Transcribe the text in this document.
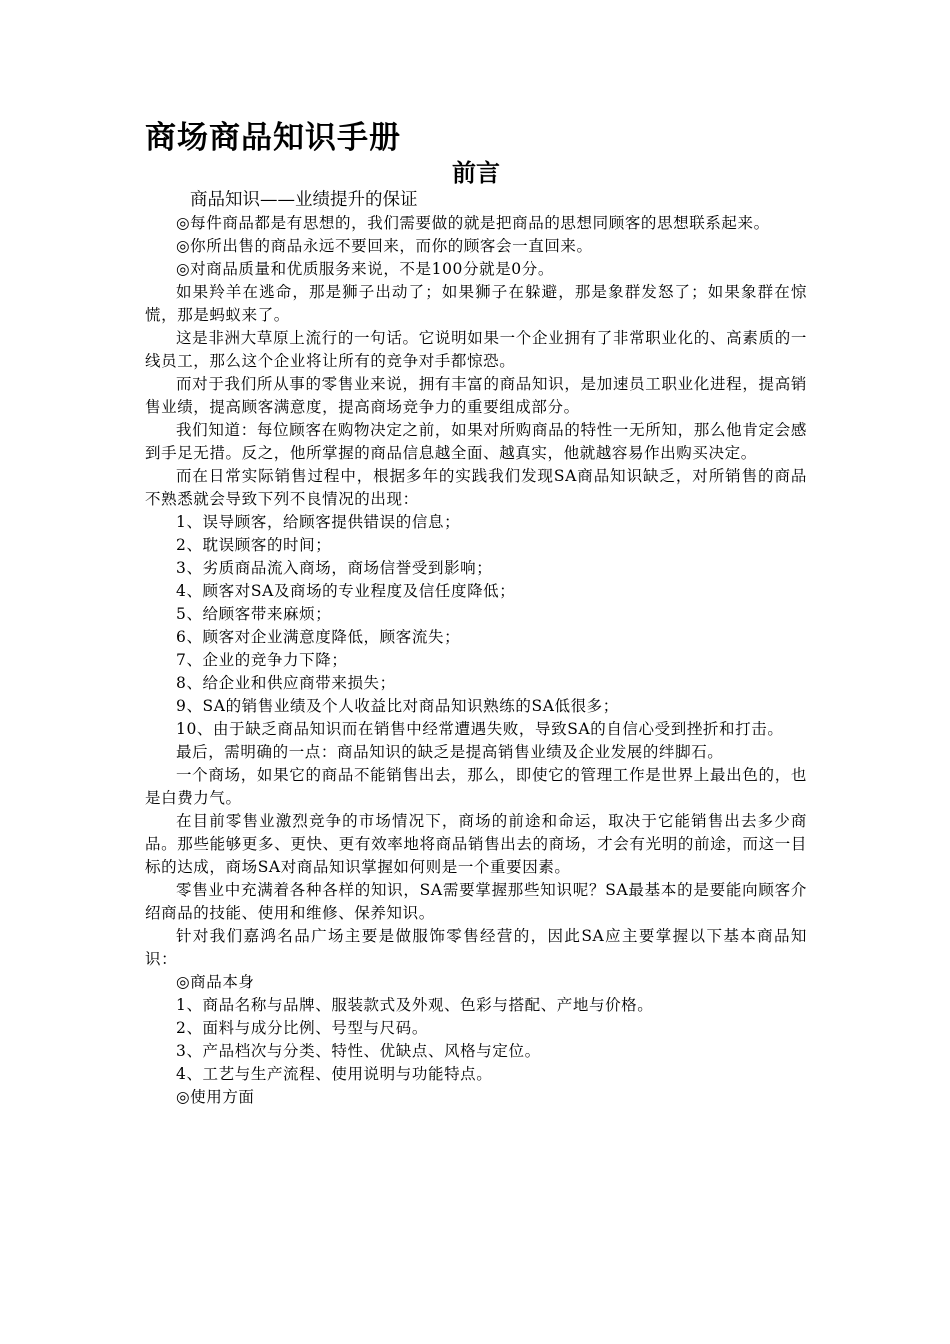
商场商品知识手册
前言

商品知识——业绩提升的保证

◎每件商品都是有思想的，我们需要做的就是把商品的思想同顾客的思想联系起来。

◎你所出售的商品永远不要回来，而你的顾客会一直回来。

◎对商品质量和优质服务来说，不是100分就是0分。

如果羚羊在逃命，那是狮子出动了；如果狮子在躲避，那是象群发怒了；如果象群在惊慌，那是蚂蚁来了。

这是非洲大草原上流行的一句话。它说明如果一个企业拥有了非常职业化的、高素质的一线员工，那么这个企业将让所有的竞争对手都惊恐。

而对于我们所从事的零售业来说，拥有丰富的商品知识，是加速员工职业化进程，提高销售业绩，提高顾客满意度，提高商场竞争力的重要组成部分。

我们知道：每位顾客在购物决定之前，如果对所购商品的特性一无所知，那么他肯定会感到手足无措。反之，他所掌握的商品信息越全面、越真实，他就越容易作出购买决定。

而在日常实际销售过程中，根据多年的实践我们发现SA商品知识缺乏，对所销售的商品不熟悉就会导致下列不良情况的出现：

1、误导顾客，给顾客提供错误的信息；

2、耽误顾客的时间；

3、劣质商品流入商场，商场信誉受到影响；

4、顾客对SA及商场的专业程度及信任度降低；

5、给顾客带来麻烦；

6、顾客对企业满意度降低，顾客流失；

7、企业的竞争力下降；

8、给企业和供应商带来损失；

9、SA的销售业绩及个人收益比对商品知识熟练的SA低很多；

10、由于缺乏商品知识而在销售中经常遭遇失败，导致SA的自信心受到挫折和打击。

最后，需明确的一点：商品知识的缺乏是提高销售业绩及企业发展的绊脚石。

一个商场，如果它的商品不能销售出去，那么，即使它的管理工作是世界上最出色的，也是白费力气。

在目前零售业激烈竞争的市场情况下，商场的前途和命运，取决于它能销售出去多少商品。那些能够更多、更快、更有效率地将商品销售出去的商场，才会有光明的前途，而这一目标的达成，商场SA对商品知识掌握如何则是一个重要因素。

零售业中充满着各种各样的知识，SA需要掌握那些知识呢？SA最基本的是要能向顾客介绍商品的技能、使用和维修、保养知识。

针对我们嘉鸿名品广场主要是做服饰零售经营的，因此SA应主要掌握以下基本商品知识：

◎商品本身

1、商品名称与品牌、服装款式及外观、色彩与搭配、产地与价格。

2、面料与成分比例、号型与尺码。

3、产品档次与分类、特性、优缺点、风格与定位。

4、工艺与生产流程、使用说明与功能特点。

◎使用方面
